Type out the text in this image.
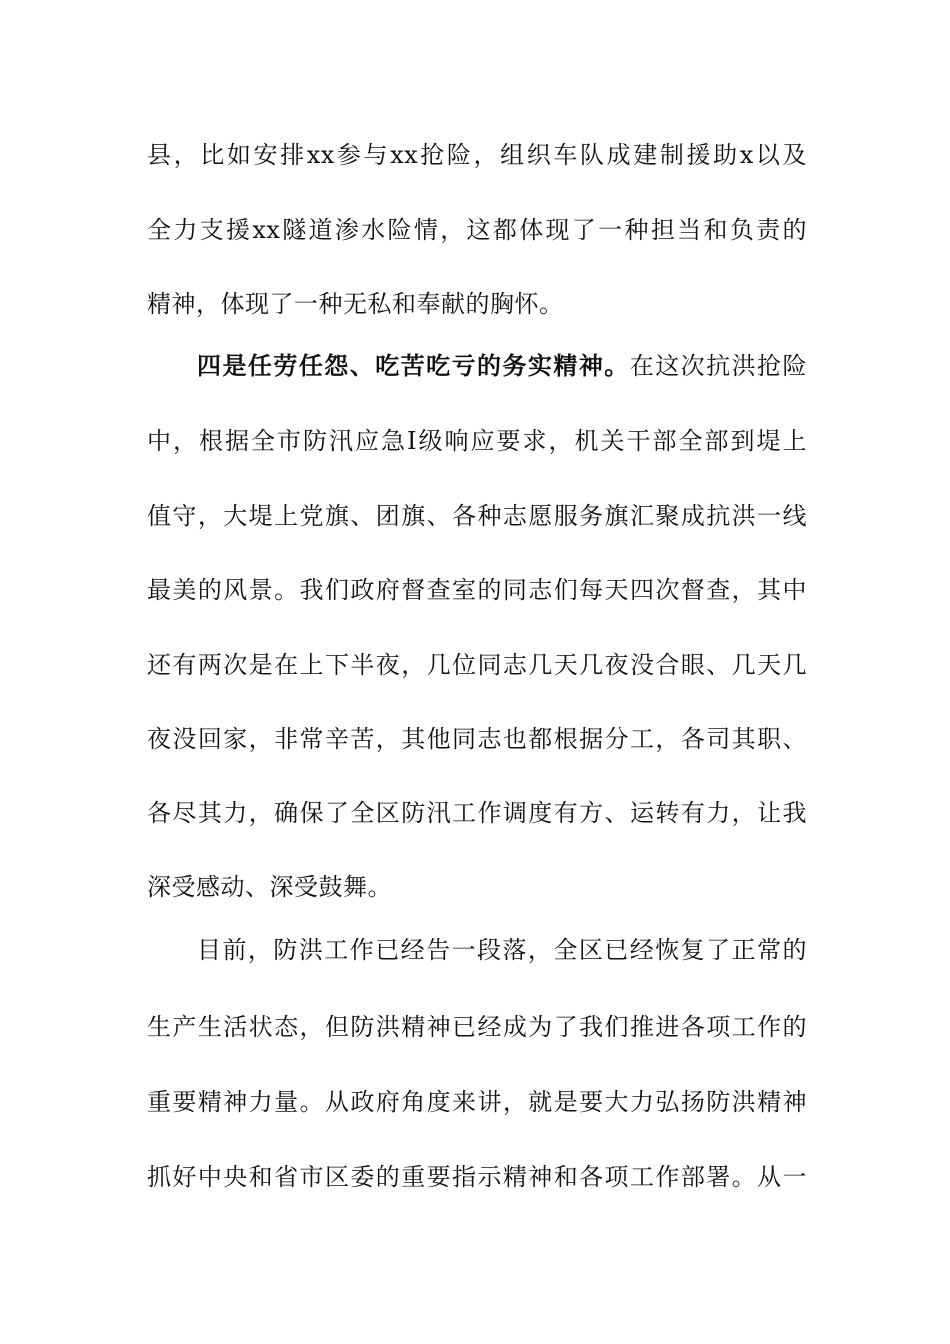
县，比如安排xx参与xx抢险，组织车队成建制援助x以及
全力支援xx隧道渗水险情，这都体现了一种担当和负责的
精神，体现了一种无私和奉献的胸怀。
四是任劳任怨、吃苦吃亏的务实精神。在这次抗洪抢险
中，根据全市防汛应急Ⅰ级响应要求，机关干部全部到堤上
值守，大堤上党旗、团旗、各种志愿服务旗汇聚成抗洪一线
最美的风景。我们政府督查室的同志们每天四次督查，其中
还有两次是在上下半夜，几位同志几天几夜没合眼、几天几
夜没回家，非常辛苦，其他同志也都根据分工，各司其职、
各尽其力，确保了全区防汛工作调度有方、运转有力，让我
深受感动、深受鼓舞。
目前，防洪工作已经告一段落，全区已经恢复了正常的
生产生活状态，但防洪精神已经成为了我们推进各项工作的
重要精神力量。从政府角度来讲，就是要大力弘扬防洪精神
抓好中央和省市区委的重要指示精神和各项工作部署。从一
